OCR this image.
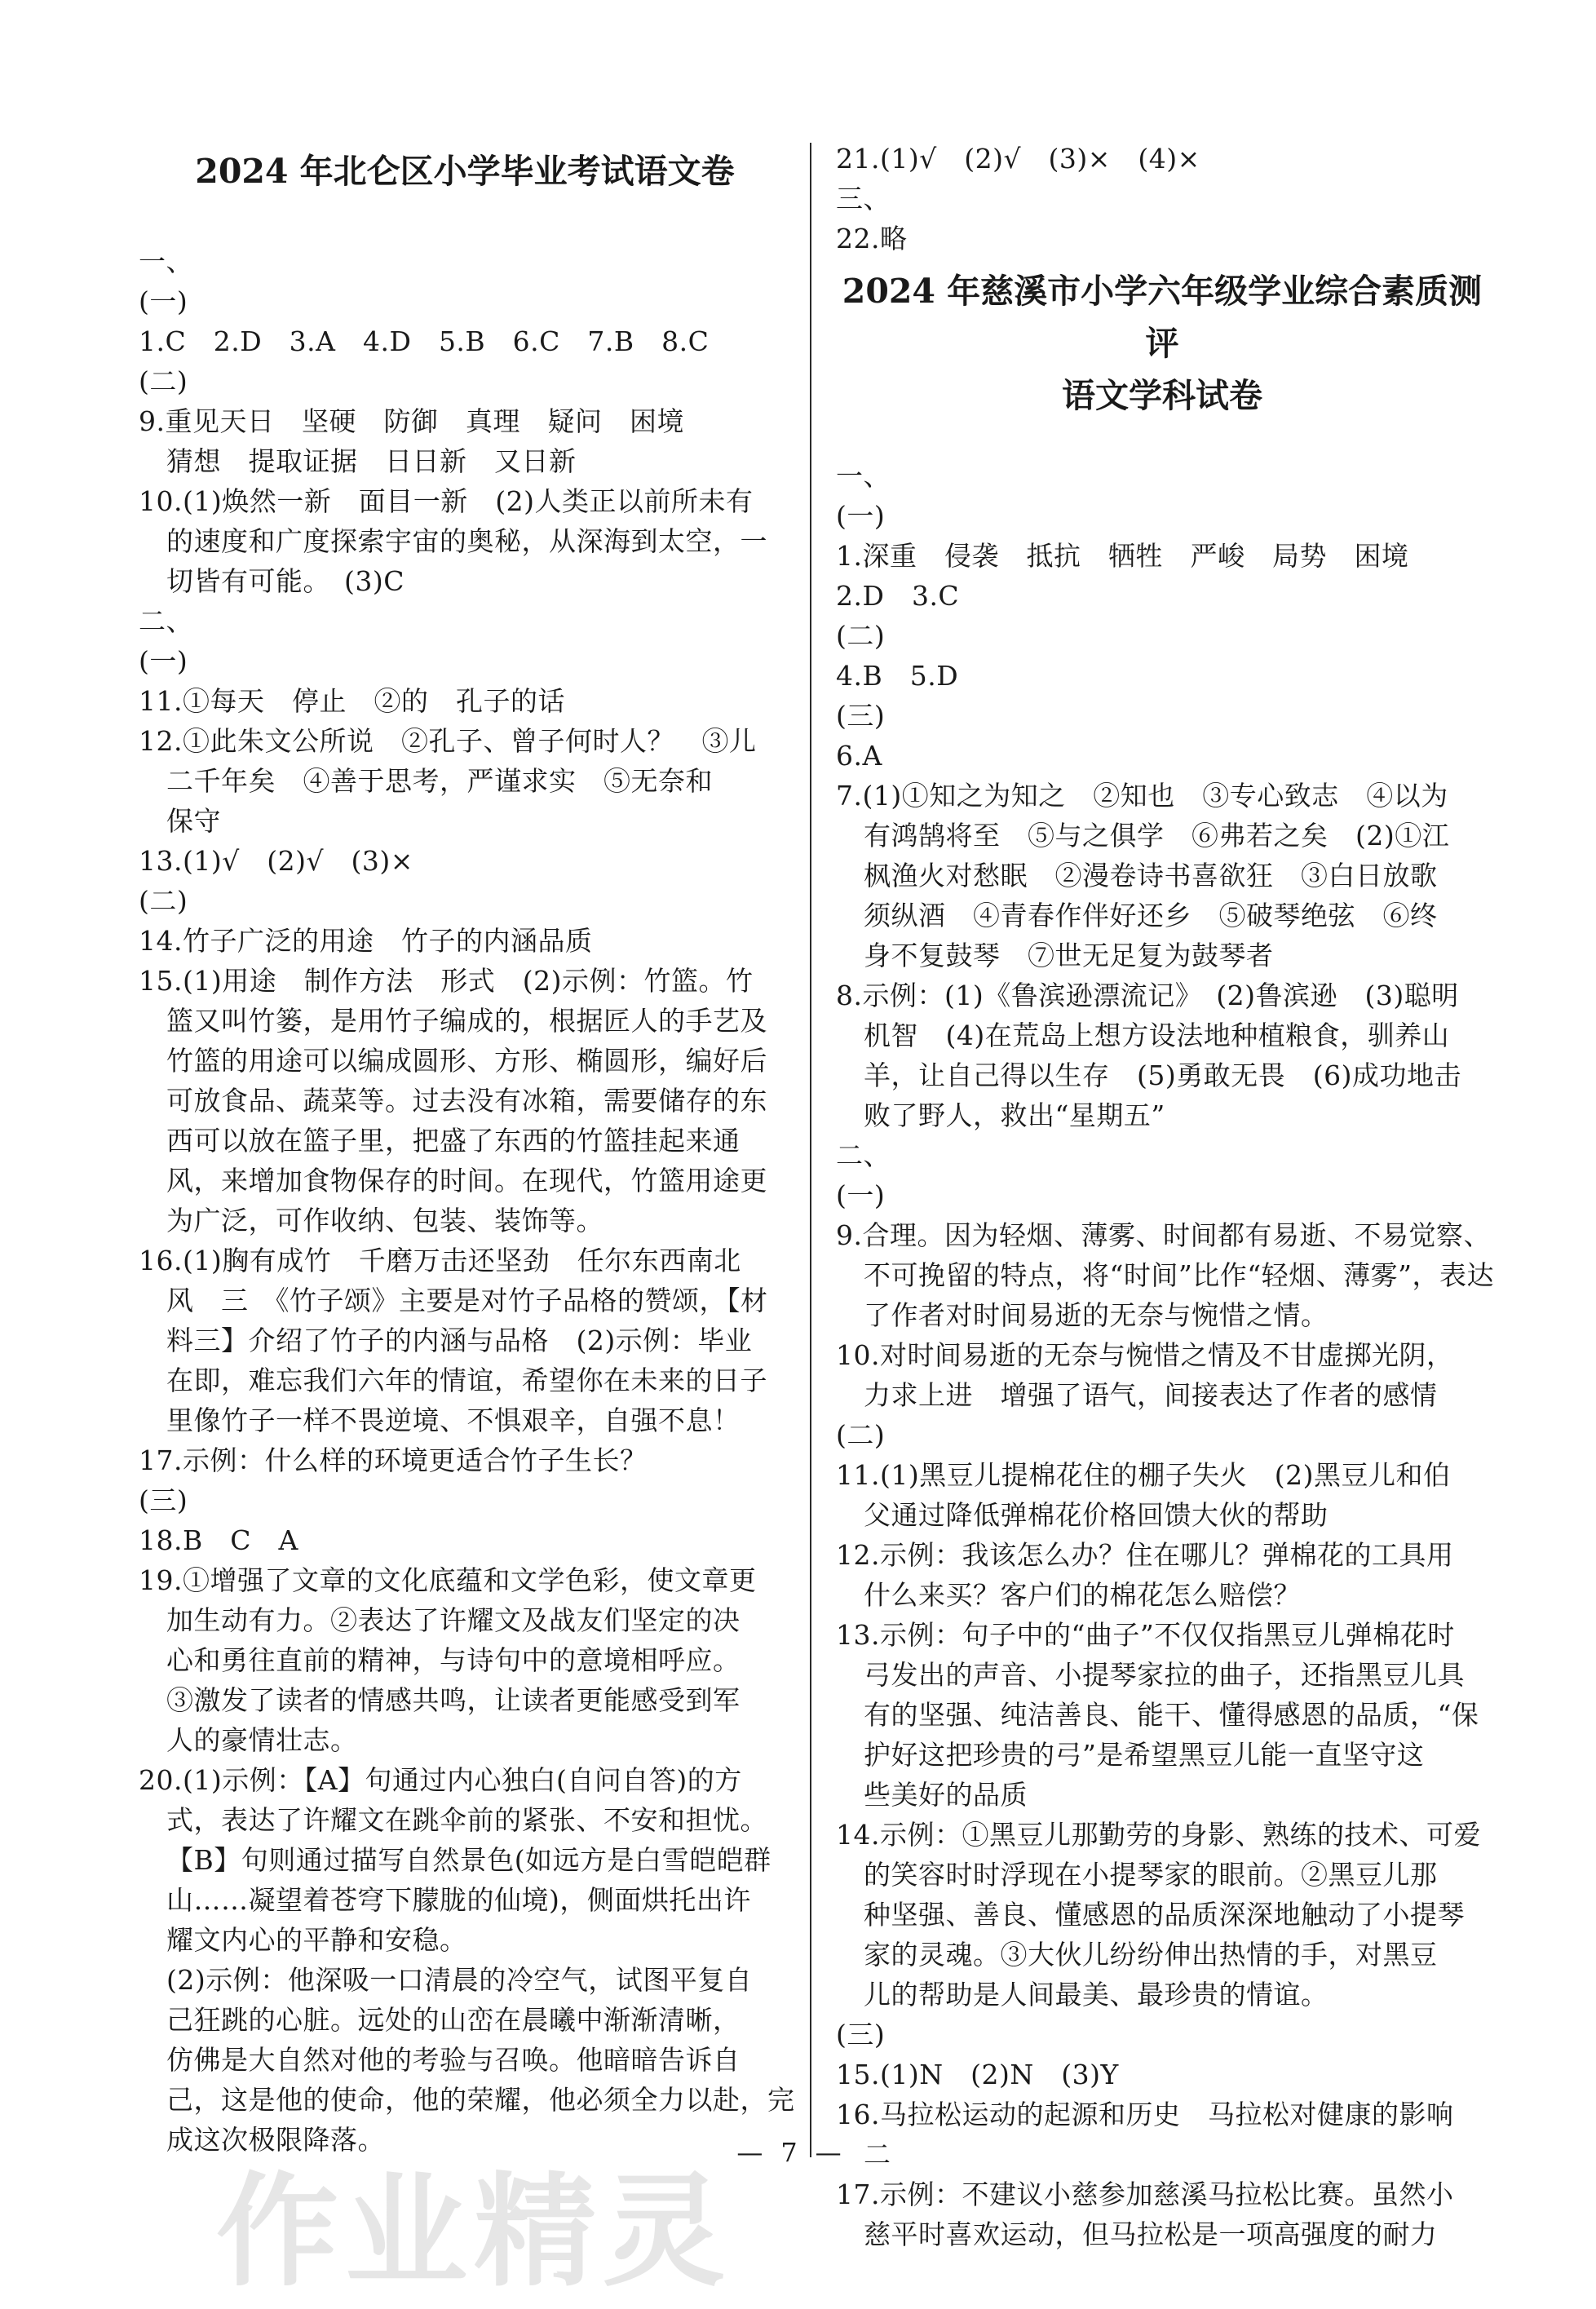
2024 年北仑区小学毕业考试语文卷
一、
(一)
1.C　2.D　3.A　4.D　5.B　6.C　7.B　8.C
(二)
9.重见天日　坚硬　防御　真理　疑问　困境
猜想　提取证据　日日新　又日新
10.(1)焕然一新　面目一新　(2)人类正以前所未有
的速度和广度探索宇宙的奥秘，从深海到太空，一
切皆有可能。　(3)C
二、
(一)
11.①每天　停止　②的　孔子的话
12.①此朱文公所说　②孔子、曾子何时人？　③儿
二千年矣　④善于思考，严谨求实　⑤无奈和
保守
13.(1)√　(2)√　(3)×
(二)
14.竹子广泛的用途　竹子的内涵品质
15.(1)用途　制作方法　形式　(2)示例：竹篮。竹
篮又叫竹篓，是用竹子编成的，根据匠人的手艺及
竹篮的用途可以编成圆形、方形、椭圆形，编好后
可放食品、蔬菜等。过去没有冰箱，需要储存的东
西可以放在篮子里，把盛了东西的竹篮挂起来通
风，来增加食物保存的时间。在现代，竹篮用途更
为广泛，可作收纳、包装、装饰等。
16.(1)胸有成竹　千磨万击还坚劲　任尔东西南北
风　三　《竹子颂》主要是对竹子品格的赞颂，【材
料三】介绍了竹子的内涵与品格　(2)示例：毕业
在即，难忘我们六年的情谊，希望你在未来的日子
里像竹子一样不畏逆境、不惧艰辛，自强不息！
17.示例：什么样的环境更适合竹子生长？
(三)
18.B　C　A
19.①增强了文章的文化底蕴和文学色彩，使文章更
加生动有力。②表达了许耀文及战友们坚定的决
心和勇往直前的精神，与诗句中的意境相呼应。
③激发了读者的情感共鸣，让读者更能感受到军
人的豪情壮志。
20.(1)示例：【A】句通过内心独白(自问自答)的方
式，表达了许耀文在跳伞前的紧张、不安和担忧。
【B】句则通过描写自然景色(如远方是白雪皑皑群
山……凝望着苍穹下朦胧的仙境)，侧面烘托出许
耀文内心的平静和安稳。
(2)示例：他深吸一口清晨的冷空气，试图平复自
己狂跳的心脏。远处的山峦在晨曦中渐渐清晰，
仿佛是大自然对他的考验与召唤。他暗暗告诉自
己，这是他的使命，他的荣耀，他必须全力以赴，完
成这次极限降落。
21.(1)√　(2)√　(3)×　(4)×
三、
22.略
2024 年慈溪市小学六年级学业综合素质测评
语文学科试卷
一、
(一)
1.深重　侵袭　抵抗　牺牲　严峻　局势　困境
2.D　3.C
(二)
4.B　5.D
(三)
6.A
7.(1)①知之为知之　②知也　③专心致志　④以为
有鸿鹄将至　⑤与之俱学　⑥弗若之矣　(2)①江
枫渔火对愁眠　②漫卷诗书喜欲狂　③白日放歌
须纵酒　④青春作伴好还乡　⑤破琴绝弦　⑥终
身不复鼓琴　⑦世无足复为鼓琴者
8.示例：(1)《鲁滨逊漂流记》　(2)鲁滨逊　(3)聪明
机智　(4)在荒岛上想方设法地种植粮食，驯养山
羊，让自己得以生存　(5)勇敢无畏　(6)成功地击
败了野人，救出“星期五”
二、
(一)
9.合理。因为轻烟、薄雾、时间都有易逝、不易觉察、
不可挽留的特点，将“时间”比作“轻烟、薄雾”，表达
了作者对时间易逝的无奈与惋惜之情。
10.对时间易逝的无奈与惋惜之情及不甘虚掷光阴，
力求上进　增强了语气，间接表达了作者的感情
(二)
11.(1)黑豆儿提棉花住的棚子失火　(2)黑豆儿和伯
父通过降低弹棉花价格回馈大伙的帮助
12.示例：我该怎么办？住在哪儿？弹棉花的工具用
什么来买？客户们的棉花怎么赔偿？
13.示例：句子中的“曲子”不仅仅指黑豆儿弹棉花时
弓发出的声音、小提琴家拉的曲子，还指黑豆儿具
有的坚强、纯洁善良、能干、懂得感恩的品质，“保
护好这把珍贵的弓”是希望黑豆儿能一直坚守这
些美好的品质
14.示例：①黑豆儿那勤劳的身影、熟练的技术、可爱
的笑容时时浮现在小提琴家的眼前。②黑豆儿那
种坚强、善良、懂感恩的品质深深地触动了小提琴
家的灵魂。③大伙儿纷纷伸出热情的手，对黑豆
儿的帮助是人间最美、最珍贵的情谊。
(三)
15.(1)N　(2)N　(3)Y
16.马拉松运动的起源和历史　马拉松对健康的影响
二
17.示例：不建议小慈参加慈溪马拉松比赛。虽然小
慈平时喜欢运动，但马拉松是一项高强度的耐力
—7—
作业精灵
